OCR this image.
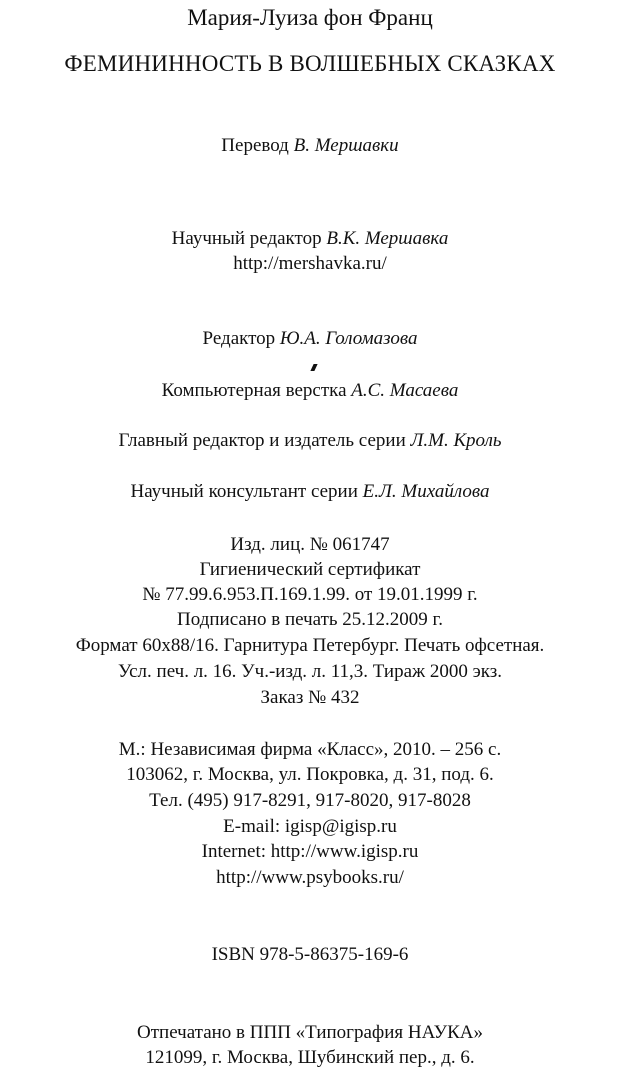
Мария-Луиза фон Франц
ФЕМИНИННОСТЬ В ВОЛШЕБНЫХ СКАЗКАХ
Перевод В. Мершавки
Научный редактор В.К. Мершавка
http://mershavka.ru/
Редактор Ю.А. Голомазова
Компьютерная верстка А.С. Масаева
Главный редактор и издатель серии Л.М. Кроль
Научный консультант серии Е.Л. Михайлова
Изд. лиц. № 061747
Гигиенический сертификат
№ 77.99.6.953.П.169.1.99. от 19.01.1999 г.
Подписано в печать 25.12.2009 г.
Формат 60х88/16. Гарнитура Петербург. Печать офсетная.
Усл. печ. л. 16. Уч.-изд. л. 11,3. Тираж 2000 экз.
Заказ № 432
М.: Независимая фирма «Класс», 2010. – 256 с.
103062, г. Москва, ул. Покровка, д. 31, под. 6.
Тел. (495) 917-8291, 917-8020, 917-8028
E-mail: igisp@igisp.ru
Internet: http://www.igisp.ru
http://www.psybooks.ru/
ISBN 978-5-86375-169-6
Отпечатано в ППП «Типография НАУКА»
121099, г. Москва, Шубинский пер., д. 6.
